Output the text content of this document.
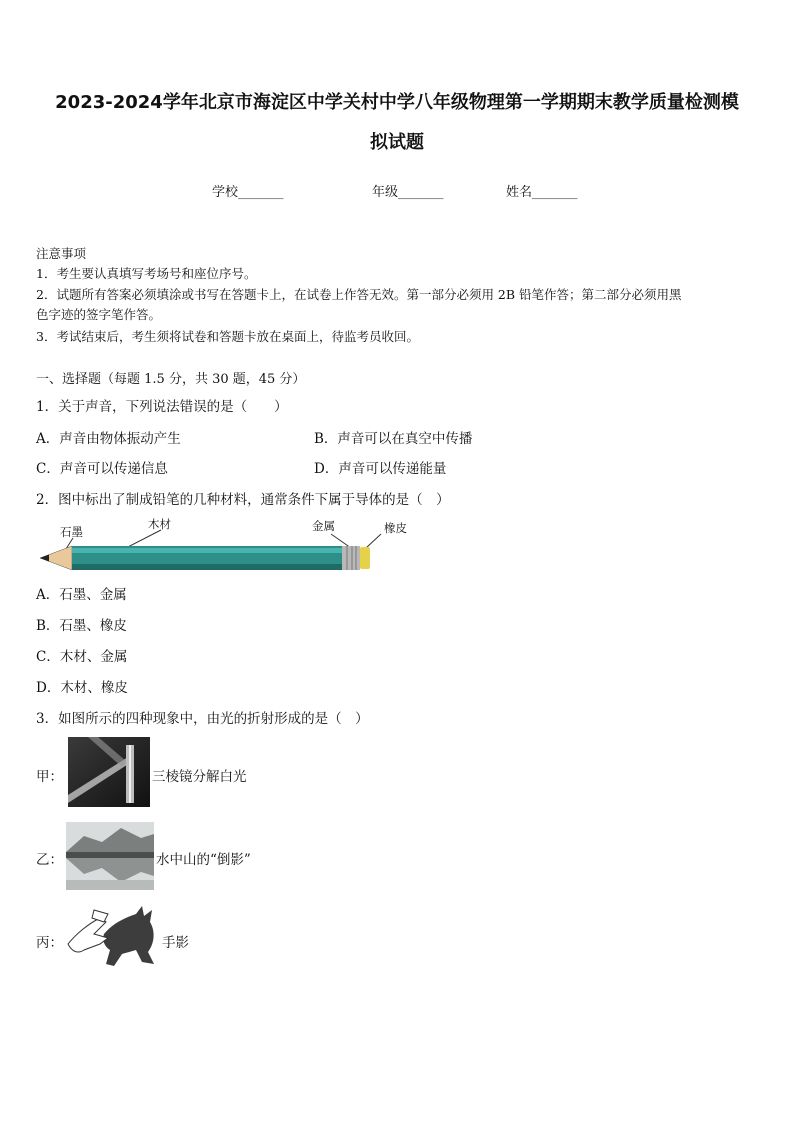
2023-2024学年北京市海淀区中学关村中学八年级物理第一学期期末教学质量检测模
拟试题
学校_______	年级_______	姓名_______
注意事项
1．考生要认真填写考场号和座位序号。
2．试题所有答案必须填涂或书写在答题卡上，在试卷上作答无效。第一部分必须用 2B 铅笔作答；第二部分必须用黑
色字迹的签字笔作答。
3．考试结束后，考生须将试卷和答题卡放在桌面上，待监考员收回。
一、选择题（每题 1.5 分，共 30 题，45 分）
1．关于声音，下列说法错误的是（　　）
A．声音由物体振动产生	B．声音可以在真空中传播
C．声音可以传递信息	D．声音可以传递能量
2．图中标出了制成铅笔的几种材料，通常条件下属于导体的是（　）
石墨
木材	金属	橡皮
A．石墨、金属
B．石墨、橡皮
C．木材、金属
D．木材、橡皮
3．如图所示的四种现象中，由光的折射形成的是（　）
甲：	三棱镜分解白光
乙：	水中山的“倒影”
丙：	手影
